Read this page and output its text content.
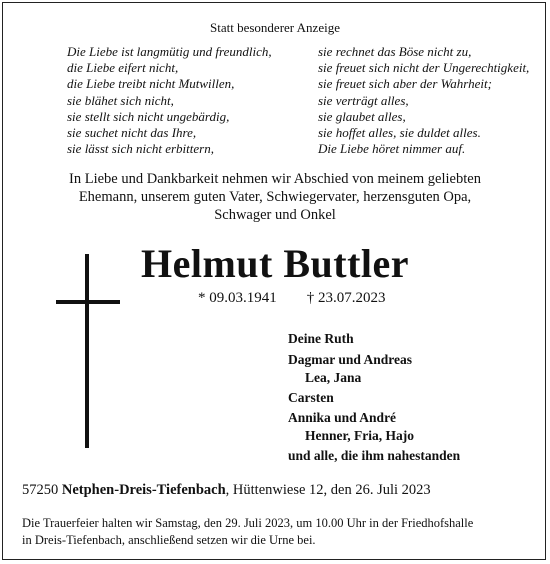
Statt besonderer Anzeige
Die Liebe ist langmütig und freundlich,
die Liebe eifert nicht,
die Liebe treibt nicht Mutwillen,
sie blähet sich nicht,
sie stellt sich nicht ungebärdig,
sie suchet nicht das Ihre,
sie lässt sich nicht erbittern,
sie rechnet das Böse nicht zu,
sie freuet sich nicht der Ungerechtigkeit,
sie freuet sich aber der Wahrheit;
sie verträgt alles,
sie glaubet alles,
sie hoffet alles, sie duldet alles.
Die Liebe höret nimmer auf.
In Liebe und Dankbarkeit nehmen wir Abschied von meinem geliebten
Ehemann, unserem guten Vater, Schwiegervater, herzensguten Opa,
Schwager und Onkel
Helmut Buttler
* 09.03.1941 † 23.07.2023
Deine Ruth
Dagmar und Andreas
Lea, Jana
Carsten
Annika und André
Henner, Fria, Hajo
und alle, die ihm nahestanden
57250 Netphen-Dreis-Tiefenbach, Hüttenwiese 12, den 26. Juli 2023
Die Trauerfeier halten wir Samstag, den 29. Juli 2023, um 10.00 Uhr in der Friedhofshalle
in Dreis-Tiefenbach, anschließend setzen wir die Urne bei.
